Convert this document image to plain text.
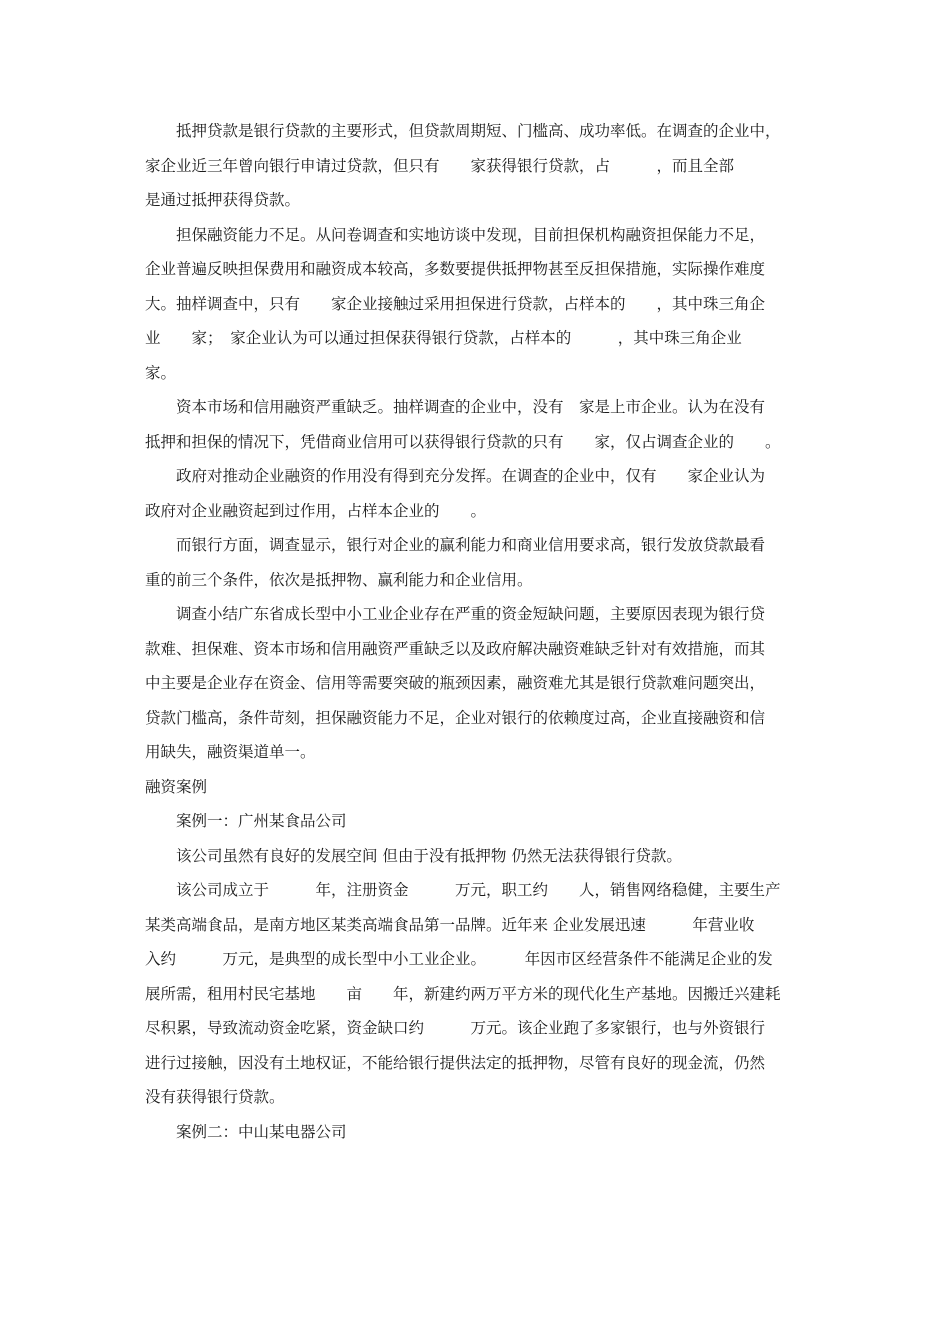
抵押贷款是银行贷款的主要形式，但贷款周期短、门槛高、成功率低。在调查的企业中，
家企业近三年曾向银行申请过贷款，但只有　　家获得银行贷款，占　　　，而且全部
是通过抵押获得贷款。
担保融资能力不足。从问卷调查和实地访谈中发现，目前担保机构融资担保能力不足，
企业普遍反映担保费用和融资成本较高，多数要提供抵押物甚至反担保措施，实际操作难度
大。抽样调查中，只有　　家企业接触过采用担保进行贷款，占样本的　　，其中珠三角企
业　　家；　家企业认为可以通过担保获得银行贷款，占样本的　　　，其中珠三角企业
家。
资本市场和信用融资严重缺乏。抽样调查的企业中，没有　家是上市企业。认为在没有
抵押和担保的情况下，凭借商业信用可以获得银行贷款的只有　　家，仅占调查企业的　　。
政府对推动企业融资的作用没有得到充分发挥。在调查的企业中，仅有　　家企业认为
政府对企业融资起到过作用，占样本企业的　　。
而银行方面，调查显示，银行对企业的赢利能力和商业信用要求高，银行发放贷款最看
重的前三个条件，依次是抵押物、赢利能力和企业信用。
调查小结广东省成长型中小工业企业存在严重的资金短缺问题，主要原因表现为银行贷
款难、担保难、资本市场和信用融资严重缺乏以及政府解决融资难缺乏针对有效措施，而其
中主要是企业存在资金、信用等需要突破的瓶颈因素，融资难尤其是银行贷款难问题突出，
贷款门槛高，条件苛刻，担保融资能力不足，企业对银行的依赖度过高，企业直接融资和信
用缺失，融资渠道单一。
融资案例
案例一：广州某食品公司
该公司虽然有良好的发展空间 但由于没有抵押物 仍然无法获得银行贷款。
该公司成立于　　　年，注册资金　　　万元，职工约　　人，销售网络稳健，主要生产
某类高端食品，是南方地区某类高端食品第一品牌。近年来 企业发展迅速　　　年营业收
入约　　　万元，是典型的成长型中小工业企业。　　　年因市区经营条件不能满足企业的发
展所需，租用村民宅基地　　亩　　年，新建约两万平方米的现代化生产基地。因搬迁兴建耗
尽积累，导致流动资金吃紧，资金缺口约　　　万元。该企业跑了多家银行，也与外资银行
进行过接触，因没有土地权证，不能给银行提供法定的抵押物，尽管有良好的现金流，仍然
没有获得银行贷款。
案例二：中山某电器公司
